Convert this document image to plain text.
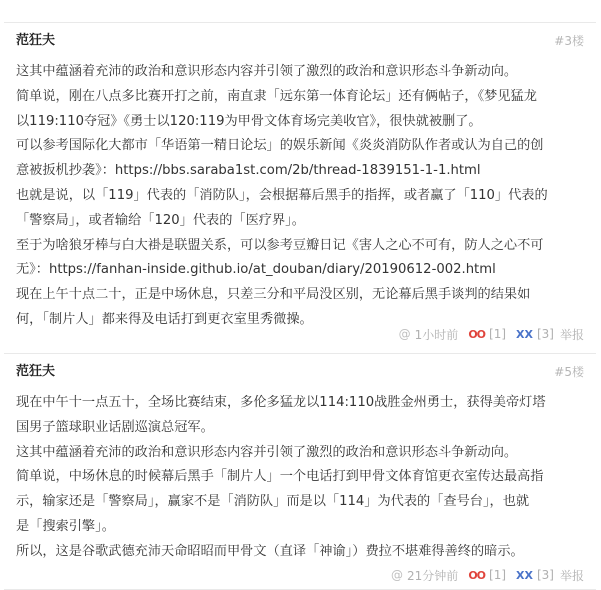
范狂夫	#3楼
这其中蕴涵着充沛的政治和意识形态内容并引领了激烈的政治和意识形态斗争新动向。
简单说，刚在八点多比赛开打之前，南直隶「远东第一体育论坛」还有俩帖子，《梦见猛龙
以119:110夺冠》《勇士以120:119为甲骨文体育场完美收官》，很快就被删了。
可以参考国际化大都市「华语第一精日论坛」的娱乐新闻《炎炎消防队作者或认为自己的创
意被扳机抄袭》：https://bbs.saraba1st.com/2b/thread-1839151-1-1.html
也就是说，以「119」代表的「消防队」，会根据幕后黑手的指挥，或者赢了「110」代表的
「警察局」，或者输给「120」代表的「医疗界」。
至于为啥狼牙棒与白大褂是联盟关系，可以参考豆瓣日记《害人之心不可有，防人之心不可
无》：https://fanhan-inside.github.io/at_douban/diary/20190612-002.html
现在上午十点二十，正是中场休息，只差三分和平局没区别，无论幕后黑手谈判的结果如
何，「制片人」都来得及电话打到更衣室里秀微操。
@ 1小时前 OO [1] XX [3] 举报
范狂夫	#5楼
现在中午十一点五十，全场比赛结束，多伦多猛龙以114:110战胜金州勇士，获得美帝灯塔
国男子篮球职业话剧巡演总冠军。
这其中蕴涵着充沛的政治和意识形态内容并引领了激烈的政治和意识形态斗争新动向。
简单说，中场休息的时候幕后黑手「制片人」一个电话打到甲骨文体育馆更衣室传达最高指
示，输家还是「警察局」，赢家不是「消防队」而是以「114」为代表的「查号台」，也就
是「搜索引擎」。
所以，这是谷歌武德充沛天命昭昭而甲骨文（直译「神谕」）费拉不堪难得善终的暗示。
@ 21分钟前 OO [1] XX [3] 举报
